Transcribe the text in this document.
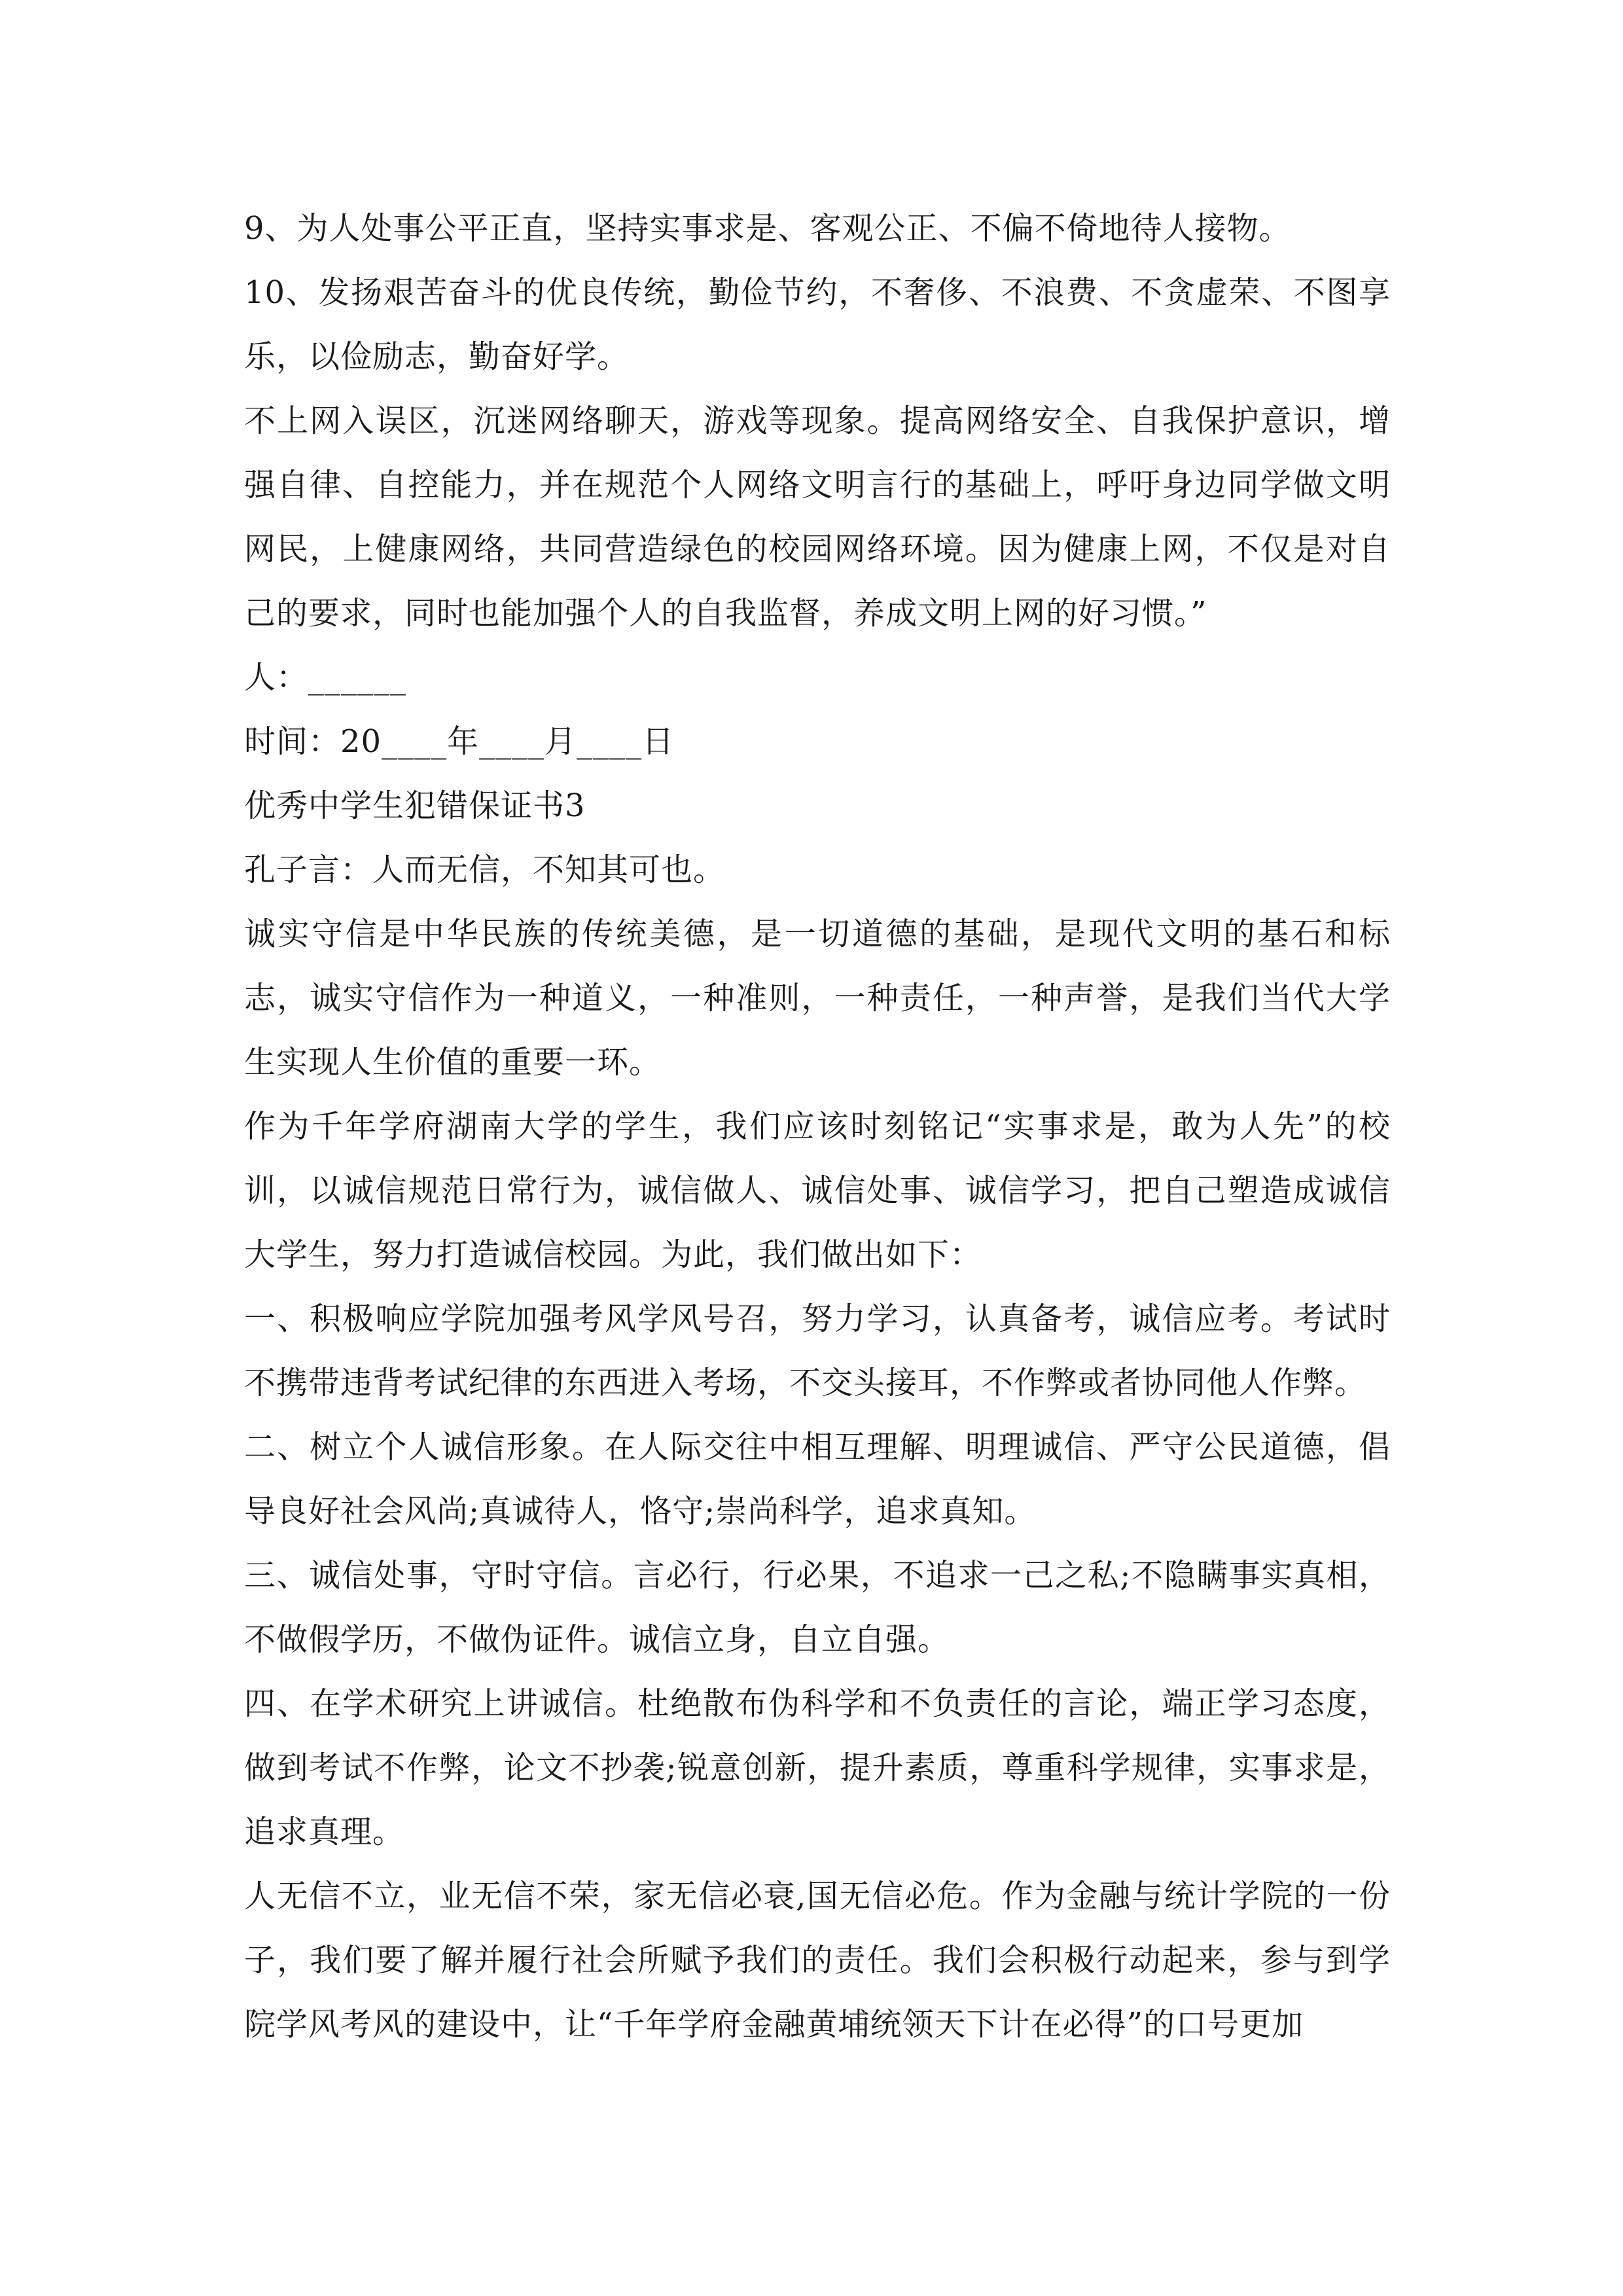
9、为人处事公平正直，坚持实事求是、客观公正、不偏不倚地待人接物。

10、发扬艰苦奋斗的优良传统，勤俭节约，不奢侈、不浪费、不贪虚荣、不图享乐，以俭励志，勤奋好学。

不上网入误区，沉迷网络聊天，游戏等现象。提高网络安全、自我保护意识，增强自律、自控能力，并在规范个人网络文明言行的基础上，呼吁身边同学做文明网民，上健康网络，共同营造绿色的校园网络环境。因为健康上网，不仅是对自己的要求，同时也能加强个人的自我监督，养成文明上网的好习惯。”

人：______

时间：20____年____月____日

优秀中学生犯错保证书3

孔子言：人而无信，不知其可也。

诚实守信是中华民族的传统美德，是一切道德的基础，是现代文明的基石和标志，诚实守信作为一种道义，一种准则，一种责任，一种声誉，是我们当代大学生实现人生价值的重要一环。

作为千年学府湖南大学的学生，我们应该时刻铭记“实事求是，敢为人先”的校训，以诚信规范日常行为，诚信做人、诚信处事、诚信学习，把自己塑造成诚信大学生，努力打造诚信校园。为此，我们做出如下：

一、积极响应学院加强考风学风号召，努力学习，认真备考，诚信应考。考试时不携带违背考试纪律的东西进入考场，不交头接耳，不作弊或者协同他人作弊。

二、树立个人诚信形象。在人际交往中相互理解、明理诚信、严守公民道德，倡导良好社会风尚;真诚待人，恪守;崇尚科学，追求真知。

三、诚信处事，守时守信。言必行，行必果，不追求一己之私;不隐瞒事实真相，不做假学历，不做伪证件。诚信立身，自立自强。

四、在学术研究上讲诚信。杜绝散布伪科学和不负责任的言论，端正学习态度，做到考试不作弊，论文不抄袭;锐意创新，提升素质，尊重科学规律，实事求是，追求真理。

人无信不立，业无信不荣，家无信必衰,国无信必危。作为金融与统计学院的一份子，我们要了解并履行社会所赋予我们的责任。我们会积极行动起来，参与到学院学风考风的建设中，让“千年学府金融黄埔统领天下计在必得”的口号更加
